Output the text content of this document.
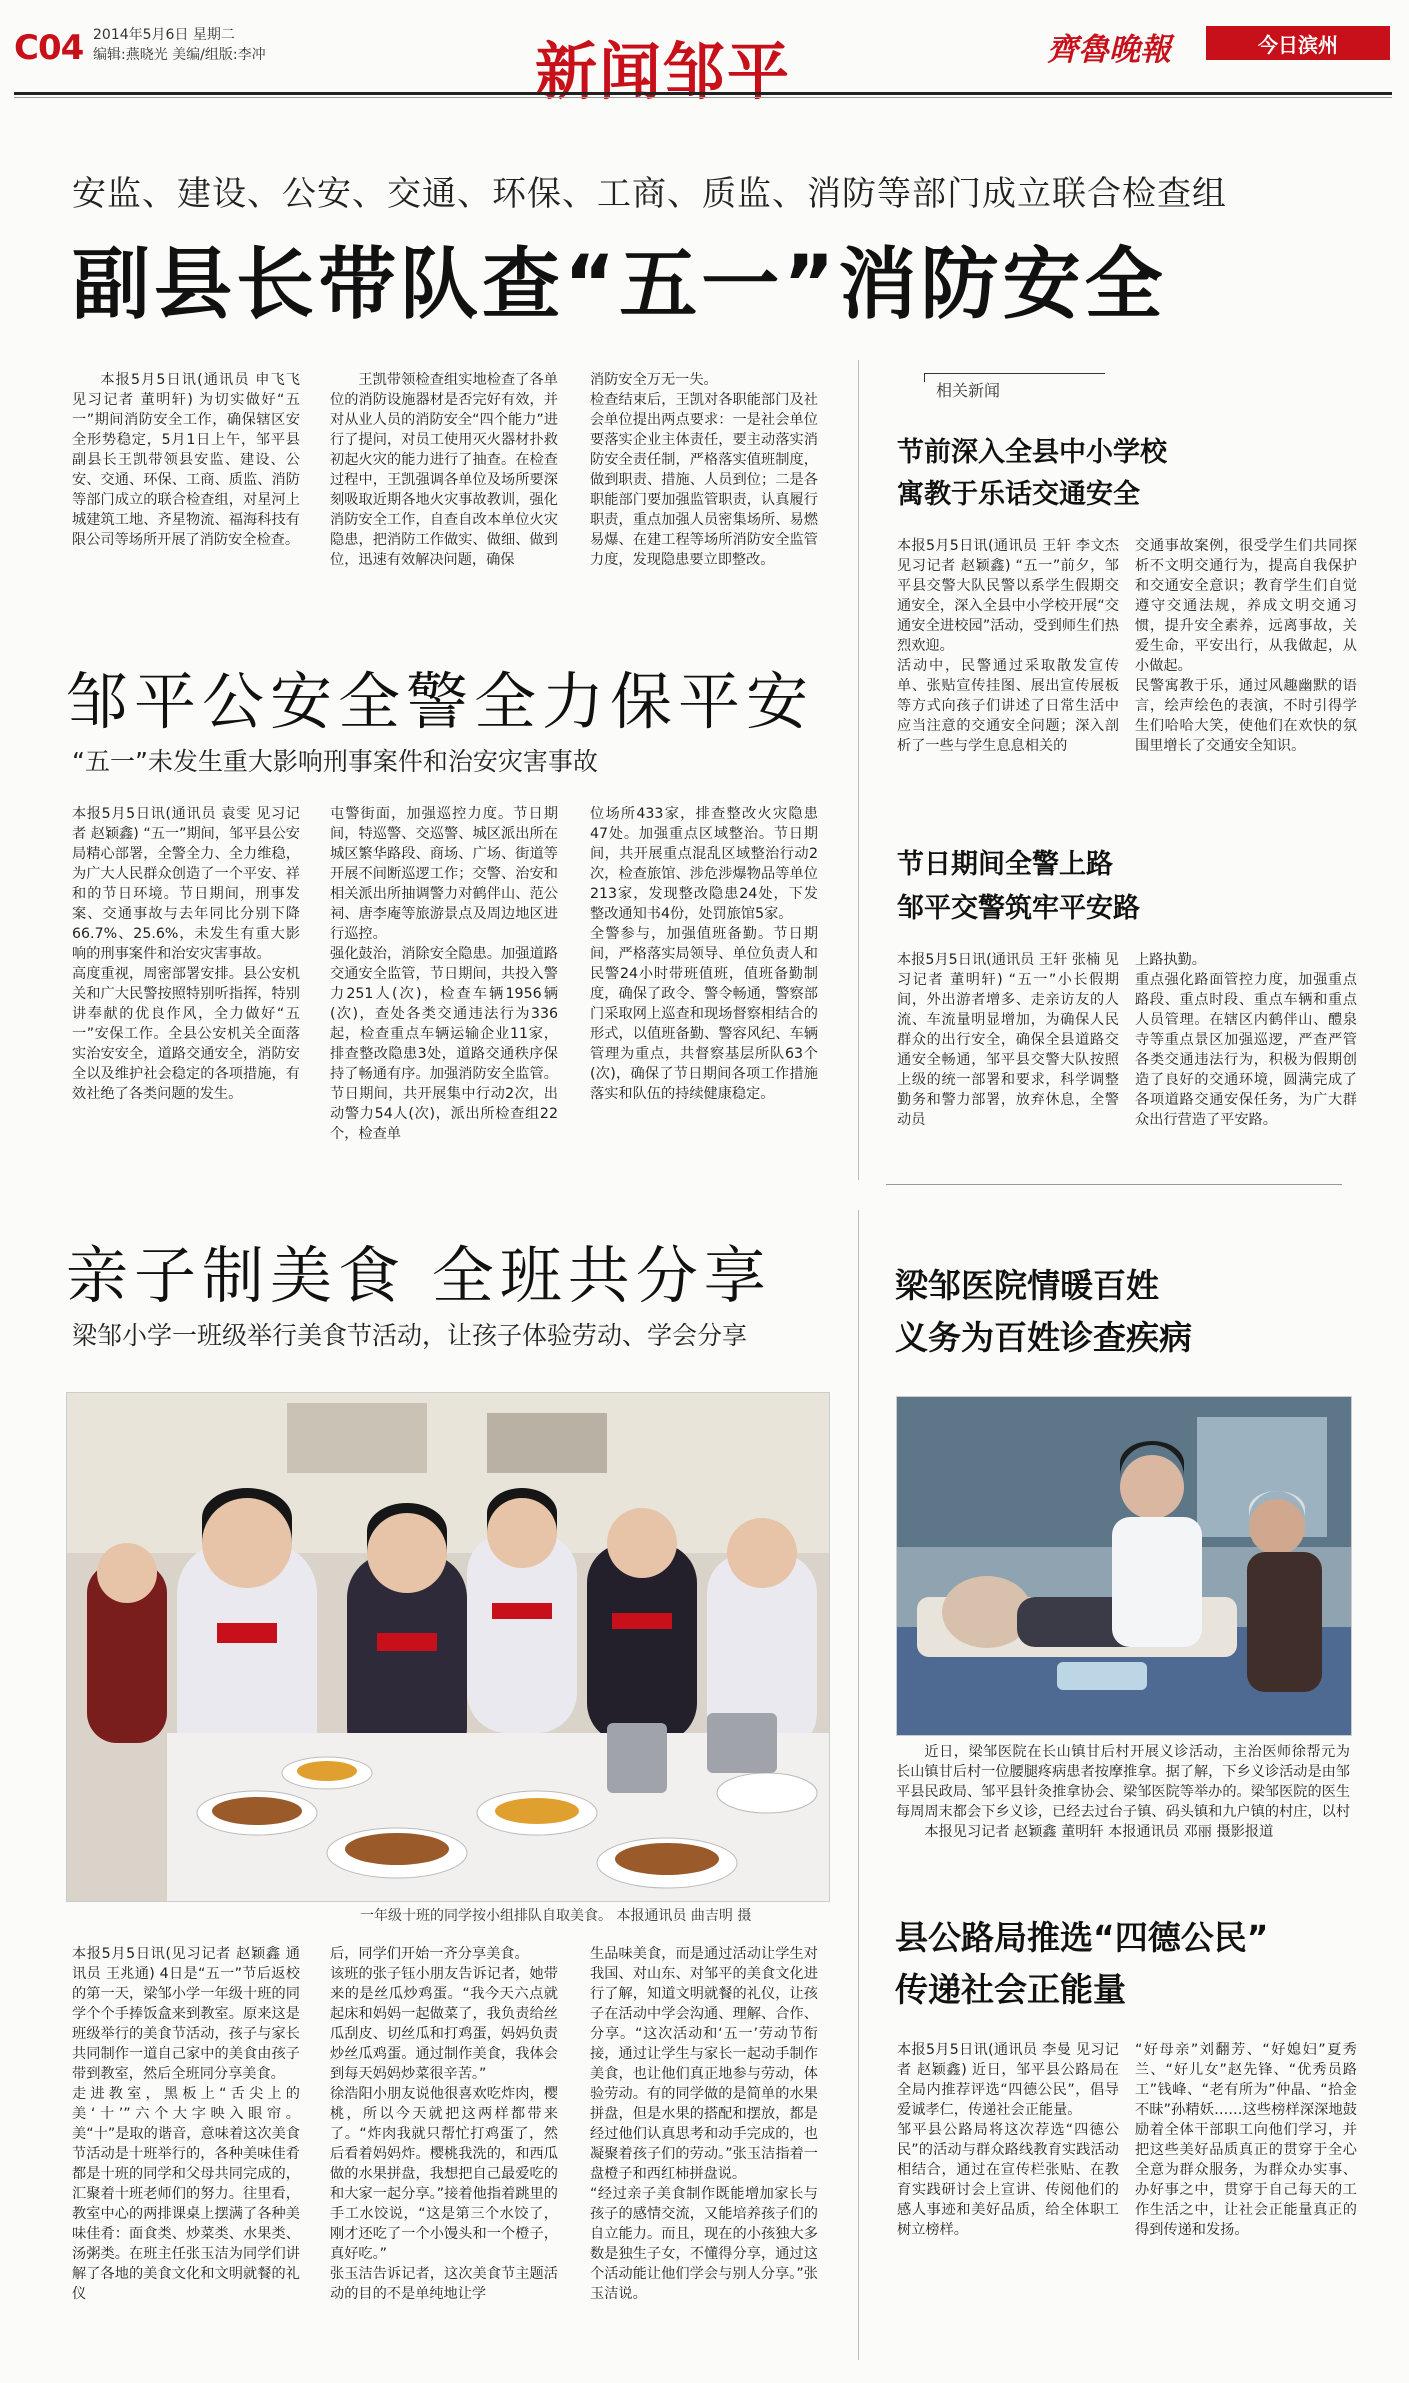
C04 2014年5月6日 星期二
编辑:燕晓光 美编/组版:李冲	新闻邹平	齊魯晚報	今日滨州
安监、建设、公安、交通、环保、工商、质监、消防等部门成立联合检查组
副县长带队查“五一”消防安全

本报5月5日讯(通讯员 申飞飞 见习记者 董明轩) 为切实做好“五一”期间消防安全工作，确保辖区安全形势稳定，5月1日上午，邹平县副县长王凯带领县安监、建设、公安、交通、环保、工商、质监、消防等部门成立的联合检查组，对星河上城建筑工地、齐星物流、福海科技有限公司等场所开展了消防安全检查。

王凯带领检查组实地检查了各单位的消防设施器材是否完好有效，并对从业人员的消防安全“四个能力”进行了提问，对员工使用灭火器材扑救初起火灾的能力进行了抽查。在检查过程中，王凯强调各单位及场所要深刻吸取近期各地火灾事故教训，强化消防安全工作，自查自改本单位火灾隐患，把消防工作做实、做细、做到位，迅速有效解决问题，确保

消防安全万无一失。
检查结束后，王凯对各职能部门及社会单位提出两点要求：一是社会单位要落实企业主体责任，要主动落实消防安全责任制，严格落实值班制度，做到职责、措施、人员到位；二是各职能部门要加强监管职责，认真履行职责，重点加强人员密集场所、易燃易爆、在建工程等场所消防安全监管力度，发现隐患要立即整改。
邹平公安全警全力保平安
“五一”未发生重大影响刑事案件和治安灾害事故
本报5月5日讯(通讯员 袁雯 见习记者 赵颖鑫) “五一”期间，邹平县公安局精心部署，全警全力、全力维稳，为广大人民群众创造了一个平安、祥和的节日环境。节日期间，刑事发案、交通事故与去年同比分别下降66.7%、25.6%，未发生有重大影响的刑事案件和治安灾害事故。
高度重视，周密部署安排。县公安机关和广大民警按照特别听指挥，特别讲奉献的优良作风，全力做好“五一”安保工作。全县公安机关全面落实治安安全，道路交通安全，消防安全以及维护社会稳定的各项措施，有效社绝了各类问题的发生。
屯警街面，加强巡控力度。节日期间，特巡警、交巡警、城区派出所在城区繁华路段、商场、广场、街道等开展不间断巡逻工作；交警、治安和相关派出所抽调警力对鹤伴山、范公祠、唐李庵等旅游景点及周边地区进行巡控。
强化鼓治，消除安全隐患。加强道路交通安全监管，节日期间，共投入警力251人(次)，检查车辆1956辆(次)，查处各类交通违法行为336起，检查重点车辆运输企业11家，排查整改隐患3处，道路交通秩序保持了畅通有序。加强消防安全监管。节日期间，共开展集中行动2次，出动警力54人(次)，派出所检查组22个，检查单
位场所433家，排查整改火灾隐患47处。加强重点区域整治。节日期间，共开展重点混乱区域整治行动2次，检查旅馆、涉危涉爆物品等单位213家，发现整改隐患24处，下发整改通知书4份，处罚旅馆5家。
全警参与，加强值班备勤。节日期间，严格落实局领导、单位负责人和民警24小时带班值班，值班备勤制度，确保了政令、警令畅通，警察部门采取网上巡查和现场督察相结合的形式，以值班备勤、警容风纪、车辆管理为重点，共督察基层所队63个(次)，确保了节日期间各项工作措施落实和队伍的持续健康稳定。
相关新闻
节前深入全县中小学校
寓教于乐话交通安全
本报5月5日讯(通讯员 王轩 李文杰 见习记者 赵颖鑫) “五一”前夕，邹平县交警大队民警以系学生假期交通安全，深入全县中小学校开展“交通安全进校园”活动，受到师生们热烈欢迎。
活动中，民警通过采取散发宣传单、张贴宣传挂图、展出宣传展板等方式向孩子们讲述了日常生活中应当注意的交通安全问题；深入剖析了一些与学生息息相关的
交通事故案例，很受学生们共同探析不文明交通行为，提高自我保护和交通安全意识；教育学生们自觉遵守交通法规，养成文明交通习惯，提升安全素养，远离事故，关爱生命，平安出行，从我做起，从小做起。
民警寓教于乐，通过风趣幽默的语言，绘声绘色的表演，不时引得学生们哈哈大笑，使他们在欢快的氛围里增长了交通安全知识。
节日期间全警上路
邹平交警筑牢平安路
本报5月5日讯(通讯员 王轩 张楠 见习记者 董明轩) “五一”小长假期间，外出游者增多、走亲访友的人流、车流量明显增加，为确保人民群众的出行安全，确保全县道路交通安全畅通，邹平县交警大队按照上级的统一部署和要求，科学调整勤务和警力部署，放弃休息，全警动员
上路执勤。
重点强化路面管控力度，加强重点路段、重点时段、重点车辆和重点人员管理。在辖区内鹤伴山、醴泉寺等重点景区加强巡逻，严查严管各类交通违法行为，积极为假期创造了良好的交通环境，圆满完成了各项道路交通安保任务，为广大群众出行营造了平安路。
亲子制美食 全班共分享
梁邹小学一班级举行美食节活动，让孩子体验劳动、学会分享
一年级十班的同学按小组排队自取美食。 本报通讯员 曲吉明 摄
本报5月5日讯(见习记者 赵颖鑫 通讯员 王兆通) 4日是“五一”节后返校的第一天，梁邹小学一年级十班的同学个个手捧饭盒来到教室。原来这是班级举行的美食节活动，孩子与家长共同制作一道自己家中的美食由孩子带到教室，然后全班同分享美食。
走进教室，黑板上“舌尖上的美‘十’”六个大字映入眼帘。美“十”是取的谐音，意味着这次美食节活动是十班举行的，各种美味佳肴都是十班的同学和父母共同完成的，汇聚着十班老师们的努力。往里看，教室中心的两排课桌上摆满了各种美味佳肴：面食类、炒菜类、水果类、汤粥类。在班主任张玉洁为同学们讲解了各地的美食文化和文明就餐的礼仪
后，同学们开始一齐分享美食。
该班的张子钰小朋友告诉记者，她带来的是丝瓜炒鸡蛋。“我今天六点就起床和妈妈一起做菜了，我负责给丝瓜刮皮、切丝瓜和打鸡蛋，妈妈负责炒丝瓜鸡蛋。通过制作美食，我体会到每天妈妈炒菜很辛苦。”
徐浩阳小朋友说他很喜欢吃炸肉，樱桃，所以今天就把这两样都带来了。“炸肉我就只帮忙打鸡蛋了，然后看着妈妈炸。樱桃我洗的，和西瓜做的水果拼盘，我想把自己最爱吃的和大家一起分享。”接着他指着跳里的手工水饺说，“这是第三个水饺了，刚才还吃了一个小馒头和一个橙子，真好吃。”
张玉洁告诉记者，这次美食节主题活动的目的不是单纯地让学
生品味美食，而是通过活动让学生对我国、对山东、对邹平的美食文化进行了解，知道文明就餐的礼仪，让孩子在活动中学会沟通、理解、合作、分享。“这次活动和‘五一’劳动节衔接，通过让学生与家长一起动手制作美食，也让他们真正地参与劳动，体验劳动。有的同学做的是简单的水果拼盘，但是水果的搭配和摆放，都是经过他们认真思考和动手完成的，也凝聚着孩子们的劳动。”张玉洁指着一盘橙子和西红柿拼盘说。
“经过亲子美食制作既能增加家长与孩子的感情交流，又能培养孩子们的自立能力。而且，现在的小孩独大多数是独生子女，不懂得分享，通过这个活动能让他们学会与别人分享。”张玉洁说。
梁邹医院情暖百姓
义务为百姓诊查疾病

近日，梁邹医院在长山镇甘后村开展义诊活动，主治医师徐帮元为长山镇甘后村一位腰腿疼病患者按摩推拿。据了解，下乡义诊活动是由邹平县民政局、邹平县针灸推拿协会、梁邹医院等举办的。梁邹医院的医生每周周末都会下乡义诊，已经去过台子镇、码头镇和九户镇的村庄，以村

本报见习记者 赵颖鑫 董明轩 本报通讯员 邓丽 摄影报道

县公路局推选“四德公民”
传递社会正能量
本报5月5日讯(通讯员 李曼 见习记者 赵颖鑫) 近日，邹平县公路局在全局内推荐评选“四德公民”，倡导爱诚孝仁，传递社会正能量。
邹平县公路局将这次荐选“四德公民”的活动与群众路线教育实践活动相结合，通过在宣传栏张贴、在教育实践研讨会上宣讲、传阅他们的感人事迹和美好品质，给全体职工树立榜样。
“好母亲”刘翻芳、“好媳妇”夏秀兰、“好儿女”赵先锋、“优秀员路工”钱峰、“老有所为”仲晶、“拾金不昧”孙精妖……这些榜样深深地鼓励着全体干部职工向他们学习，并把这些美好品质真正的贯穿于全心全意为群众服务，为群众办实事、办好事之中，贯穿于自己每天的工作生活之中，让社会正能量真正的得到传递和发扬。
